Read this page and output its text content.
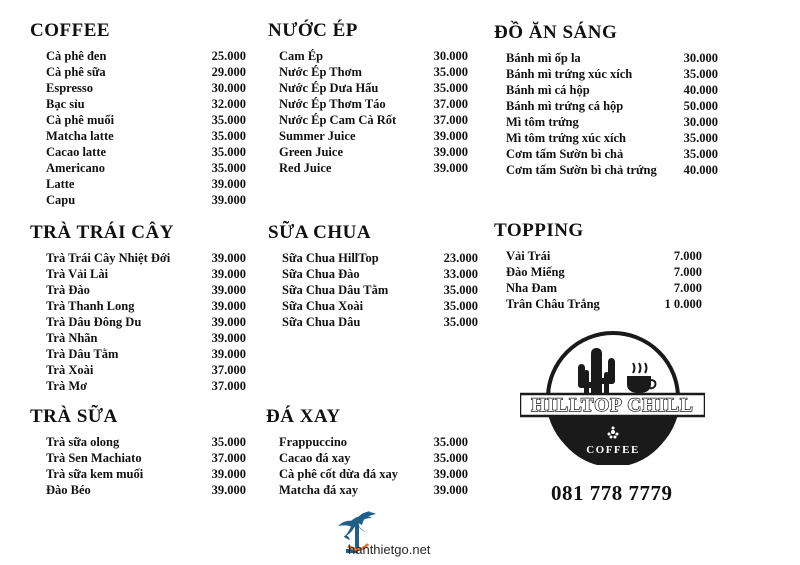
COFFEE
Cà phê đen	25.000
Cà phê sữa	29.000
Espresso	30.000
Bạc sỉu	32.000
Cà phê muối	35.000
Matcha latte	35.000
Cacao latte	35.000
Americano	35.000
Latte	39.000
Capu	39.000
NƯỚC ÉP
Cam Ép	30.000
Nước Ép Thơm	35.000
Nước Ép Dưa Hấu	35.000
Nước Ép Thơm Táo	37.000
Nước Ép Cam Cà Rốt	37.000
Summer Juice	39.000
Green Juice	39.000
Red Juice	39.000
ĐỒ ĂN SÁNG
Bánh mì ốp la	30.000
Bánh mì trứng xúc xích	35.000
Bánh mì cá hộp	40.000
Bánh mì trứng cá hộp	50.000
Mì tôm trứng	30.000
Mì tôm trứng xúc xích	35.000
Cơm tấm Sườn bì chả	35.000
Cơm tấm Sườn bì chả trứng 40.000
TRÀ TRÁI CÂY
Trà Trái Cây Nhiệt Đới	39.000
Trà Vải Lài	39.000
Trà Đào	39.000
Trà Thanh Long	39.000
Trà Dâu Đông Du	39.000
Trà Nhãn	39.000
Trà Dâu Tằm	39.000
Trà Xoài	37.000
Trà Mơ	37.000
SỮA CHUA
Sữa Chua HillTop	23.000
Sữa Chua Đào	33.000
Sữa Chua Dâu Tằm	35.000
Sữa Chua Xoài	35.000
Sữa Chua Dâu	35.000
TOPPING
Vải Trái	7.000
Đào Miếng	7.000
Nha Đam	7.000
Trân Châu Trắng	1 0.000
TRÀ SỮA
Trà sữa olong	35.000
Trà Sen Machiato	37.000
Trà sữa kem muối	39.000
Đào Béo	39.000
ĐÁ XAY
Frappuccino	35.000
Cacao đá xay	35.000
Cà phê cốt dừa đá xay	39.000
Matcha đá xay	39.000
HILLTOP CHILL
COFFEE
081 778 7779
hanthietgo.net
